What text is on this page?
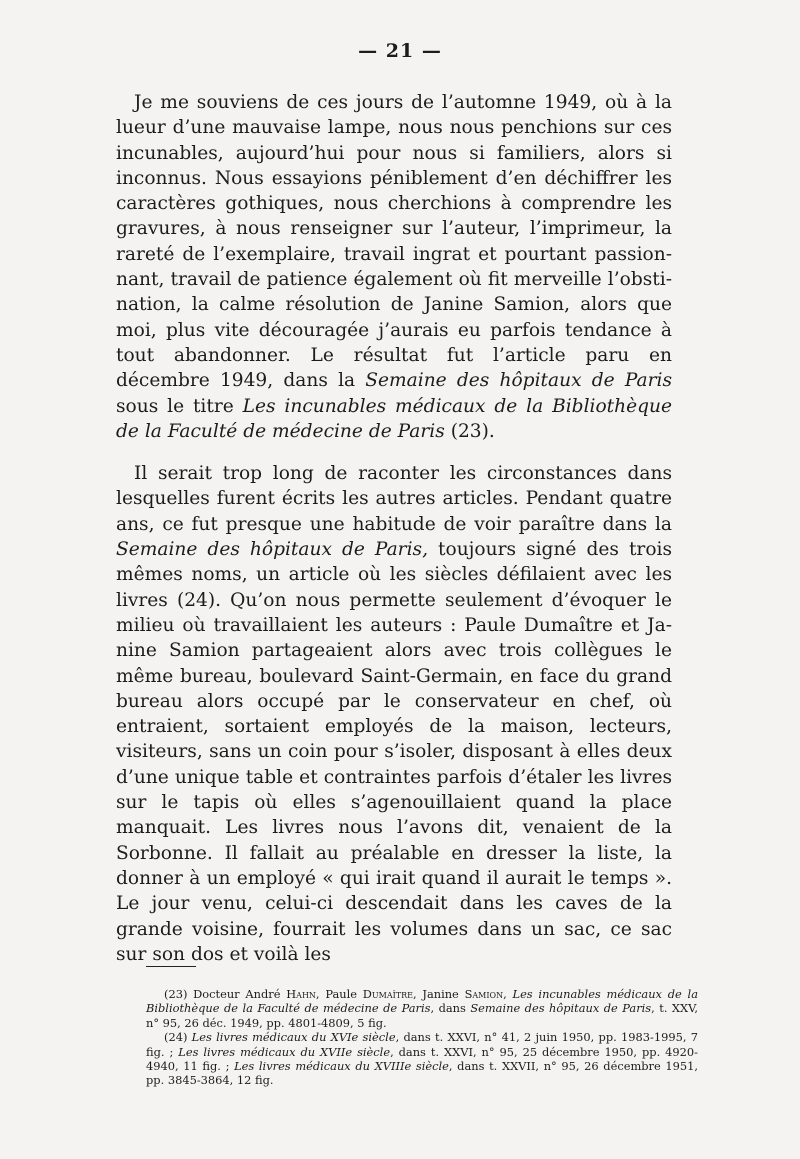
— 21 —

Je me souviens de ces jours de l’automne 1949, où à la lueur d’une mauvaise lampe, nous nous penchions sur ces incunables, aujourd’hui pour nous si familiers, alors si inconnus. Nous essayions péniblement d’en déchiffrer les caractères gothiques, nous cherchions à comprendre les gravures, à nous renseigner sur l’auteur, l’imprimeur, la rareté de l’exemplaire, travail ingrat et pourtant passionnant, travail de patience également où fit merveille l’obstination, la calme résolution de Janine Samion, alors que moi, plus vite découragée j’aurais eu parfois tendance à tout abandonner. Le résultat fut l’article paru en décembre 1949, dans la Semaine des hôpitaux de Paris sous le titre Les incunables médicaux de la Bibliothèque de la Faculté de médecine de Paris (23).

Il serait trop long de raconter les circonstances dans lesquelles furent écrits les autres articles. Pendant quatre ans, ce fut presque une habitude de voir paraître dans la Semaine des hôpitaux de Paris, toujours signé des trois mêmes noms, un article où les siècles défilaient avec les livres (24). Qu’on nous permette seulement d’évoquer le milieu où travaillaient les auteurs : Paule Dumaître et Janine Samion partageaient alors avec trois collègues le même bureau, boulevard Saint-Germain, en face du grand bureau alors occupé par le conservateur en chef, où entraient, sortaient employés de la maison, lecteurs, visiteurs, sans un coin pour s’isoler, disposant à elles deux d’une unique table et contraintes parfois d’étaler les livres sur le tapis où elles s’agenouillaient quand la place manquait. Les livres nous l’avons dit, venaient de la Sorbonne. Il fallait au préalable en dresser la liste, la donner à un employé « qui irait quand il aurait le temps ». Le jour venu, celui-ci descendait dans les caves de la grande voisine, fourrait les volumes dans un sac, ce sac sur son dos et voilà les

(23) Docteur André Hahn, Paule Dumaître, Janine Samion, Les incunables médicaux de la Bibliothèque de la Faculté de médecine de Paris, dans Semaine des hôpitaux de Paris, t. XXV, n° 95, 26 déc. 1949, pp. 4801-4809, 5 fig.

(24) Les livres médicaux du XVIe siècle, dans t. XXVI, n° 41, 2 juin 1950, pp. 1983-1995, 7 fig. ; Les livres médicaux du XVIIe siècle, dans t. XXVI, n° 95, 25 décembre 1950, pp. 4920-4940, 11 fig. ; Les livres médicaux du XVIIIe siècle, dans t. XXVII, n° 95, 26 décembre 1951, pp. 3845-3864, 12 fig.
